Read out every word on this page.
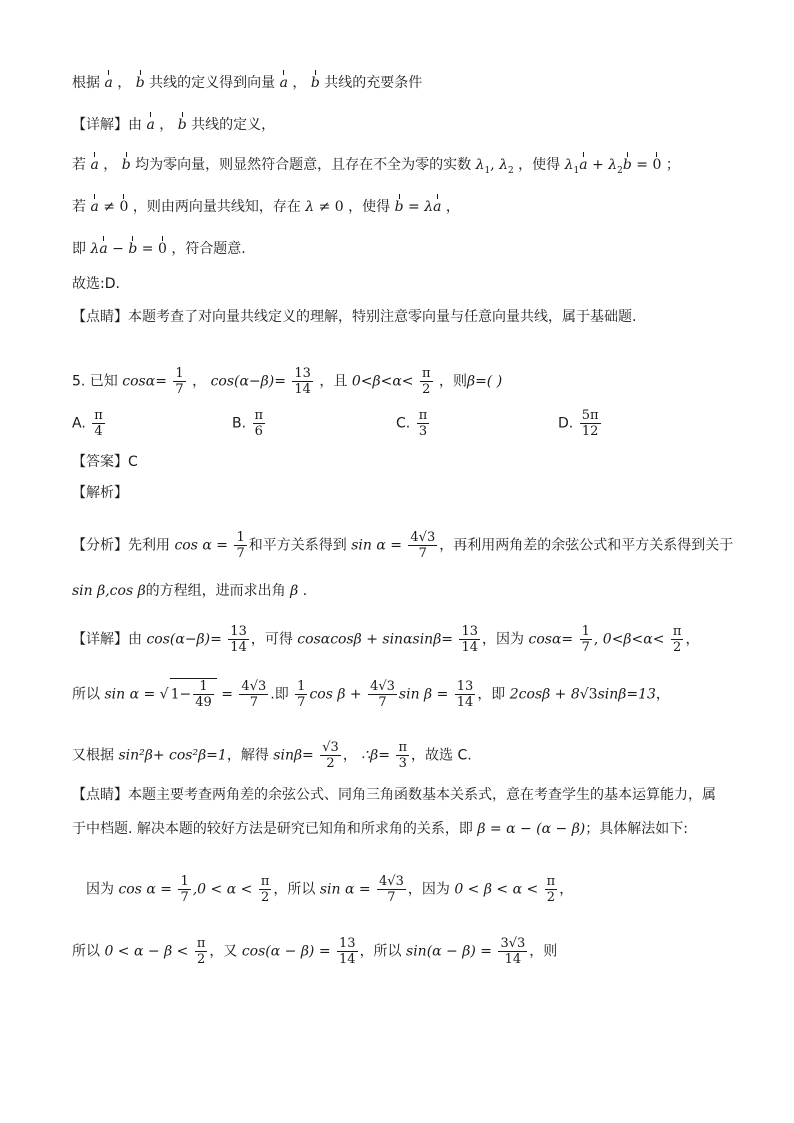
根据 a ， b 共线的定义得到向量 a ， b 共线的充要条件
【详解】由 a ， b 共线的定义，
若 a ， b 均为零向量，则显然符合题意，且存在不全为零的实数 $\lambda_1$, $\lambda_2$ ，使得 $\lambda_1a + \lambda_2b = 0$ ；
若 a ≠ 0 ，则由两向量共线知，存在 λ ≠ 0 ，使得 b = λa ，
即 λa − b = 0 ，符合题意.
故选:D.
【点睛】本题考查了对向量共线定义的理解，特别注意零向量与任意向量共线，属于基础题.
5. 已知 $\cos\alpha= \frac{1}{7}$ ， $\cos(\alpha-\beta)= \frac{13}{14}$ ，且 $0<\beta<\alpha< \frac{\pi}{2}$ ，则β=( )
A. $\frac{\pi}{4}$	B. $\frac{\pi}{6}$	C. $\frac{\pi}{3}$	D. $\frac{5\pi}{12}$
【答案】C
【解析】
【分析】先利用 $\cos \alpha = \frac{1}{7}$ 和平方关系得到 $\sin \alpha = \frac{4√3}{7}$ ，再利用两角差的余弦公式和平方关系得到关于
sin β,cos β的方程组，进而求出角 β .
【详解】由 $\cos(\alpha-\beta)= \frac{13}{14}$ ，可得 $\cos\alpha\cos\beta + \sin\alpha\sin\beta= \frac{13}{14}$ ，因为 $\cos\alpha= \frac{1}{7}$ , $0<\beta<\alpha< \frac{\pi}{2}$ ，
所以 sin α = √ $1- \frac{1}{49} = \frac{4√3}{7}$ .即 $\frac{1}{7}$ $\cos \beta + \frac{4√3}{7}$ $\sin \beta = \frac{13}{14}$ ，即 2cosβ + 8√3sinβ=13，
又根据 sin²β+ cos²β=1，解得 $\sin\beta= \frac{√3}{2}$ ， ∴β= $\frac{\pi}{3}$ ，故选 C.
【点睛】本题主要考查两角差的余弦公式、同角三角函数基本关系式，意在考查学生的基本运算能力，属
于中档题. 解决本题的较好方法是研究已知角和所求角的关系，即 β = α − (α − β)；具体解法如下:
因为 $\cos \alpha = \frac{1}{7} ,0 < \alpha < \frac{\pi}{2}$ ，所以 $\sin \alpha = \frac{4√3}{7}$ ，因为 $0 < \beta < \alpha < \frac{\pi}{2}$ ，
所以 $0 < \alpha - \beta < \frac{\pi}{2}$ ，又 $\cos(\alpha - \beta) = \frac{13}{14}$ ，所以 $\sin(\alpha - \beta) = \frac{3√3}{14}$ ，则
